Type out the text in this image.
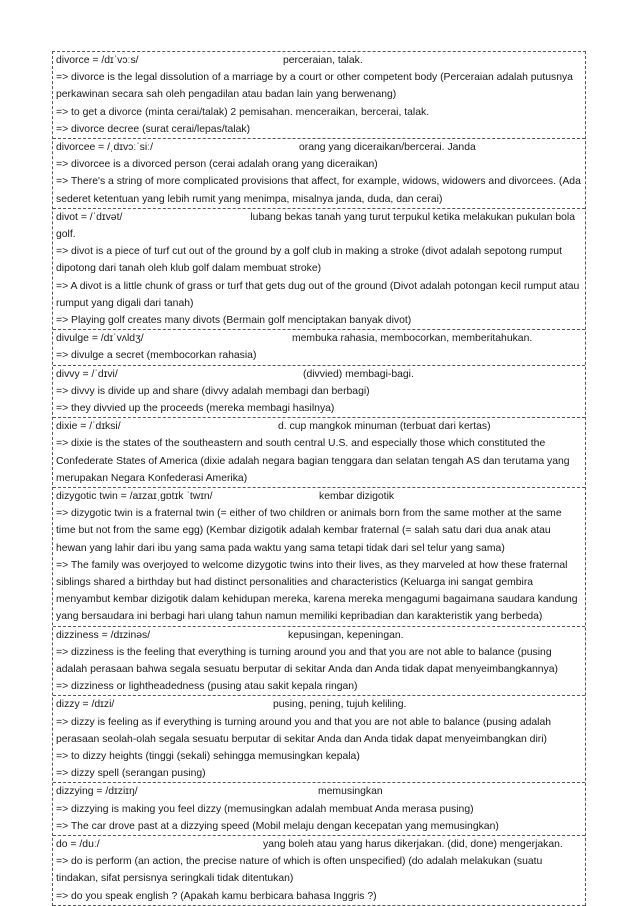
divorce = /dɪˈvɔːs/	perceraian, talak.
=> divorce is the legal dissolution of a marriage by a court or other competent body (Perceraian adalah putusnya perkawinan secara sah oleh pengadilan atau badan lain yang berwenang)
=> to get a divorce (minta cerai/talak) 2 pemisahan. menceraikan, bercerai, talak.
=> divorce decree (surat cerai/lepas/talak)
divorcee = /ˌdɪvɔːˈsiː/	orang yang diceraikan/bercerai. Janda
=> divorcee is a divorced person (cerai adalah orang yang diceraikan)
=> There's a string of more complicated provisions that affect, for example, widows, widowers and divorcees. (Ada sederet ketentuan yang lebih rumit yang menimpa, misalnya janda, duda, dan cerai)
divot = /ˈdɪvət/	lubang bekas tanah yang turut terpukul ketika melakukan pukulan bola golf.
=> divot is a piece of turf cut out of the ground by a golf club in making a stroke (divot adalah sepotong rumput dipotong dari tanah oleh klub golf dalam membuat stroke)
=> A divot is a little chunk of grass or turf that gets dug out of the ground (Divot adalah potongan kecil rumput atau rumput yang digali dari tanah)
=> Playing golf creates many divots (Bermain golf menciptakan banyak divot)
divulge = /dɪˈvʌldʒ/	membuka rahasia, membocorkan, memberitahukan.
=> divulge a secret (membocorkan rahasia)
divvy = /ˈdɪvi/	(divvied) membagi-bagi.
=> divvy is divide up and share (divvy adalah membagi dan berbagi)
=> they divvied up the proceeds (mereka membagi hasilnya)
dixie = /ˈdɪksi/	d. cup mangkok minuman (terbuat dari kertas)
=> dixie is the states of the southeastern and south central U.S. and especially those which constituted the Confederate States of America (dixie adalah negara bagian tenggara dan selatan tengah AS dan terutama yang merupakan Negara Konfederasi Amerika)
dizygotic twin = /aɪzaɪˌɡɒtɪk ˈtwɪn/	kembar dizigotik
=> dizygotic twin is a fraternal twin (= either of two children or animals born from the same mother at the same time but not from the same egg) (Kembar dizigotik adalah kembar fraternal (= salah satu dari dua anak atau hewan yang lahir dari ibu yang sama pada waktu yang sama tetapi tidak dari sel telur yang sama)
=> The family was overjoyed to welcome dizygotic twins into their lives, as they marveled at how these fraternal siblings shared a birthday but had distinct personalities and characteristics (Keluarga ini sangat gembira menyambut kembar dizigotik dalam kehidupan mereka, karena mereka mengagumi bagaimana saudara kandung yang bersaudara ini berbagi hari ulang tahun namun memiliki kepribadian dan karakteristik yang berbeda)
dizziness = /dɪzinəs/	kepusingan, kepeningan.
=> dizziness is the feeling that everything is turning around you and that you are not able to balance (pusing adalah perasaan bahwa segala sesuatu berputar di sekitar Anda dan Anda tidak dapat menyeimbangkannya)
=> dizziness or lightheadedness (pusing atau sakit kepala ringan)
dizzy = /dɪzi/	pusing, pening, tujuh keliling.
=> dizzy is feeling as if everything is turning around you and that you are not able to balance (pusing adalah perasaan seolah-olah segala sesuatu berputar di sekitar Anda dan Anda tidak dapat menyeimbangkan diri)
=> to dizzy heights (tinggi (sekali) sehingga memusingkan kepala)
=> dizzy spell (serangan pusing)
dizzying = /dɪziɪŋ/	memusingkan
=> dizzying is making you feel dizzy (memusingkan adalah membuat Anda merasa pusing)
=> The car drove past at a dizzying speed (Mobil melaju dengan kecepatan yang memusingkan)
do = /duː/	yang boleh atau yang harus dikerjakan. (did, done) mengerjakan.
=> do is perform (an action, the precise nature of which is often unspecified) (do adalah melakukan (suatu tindakan, sifat persisnya seringkali tidak ditentukan)
=> do you speak english ? (Apakah kamu berbicara bahasa Inggris ?)
